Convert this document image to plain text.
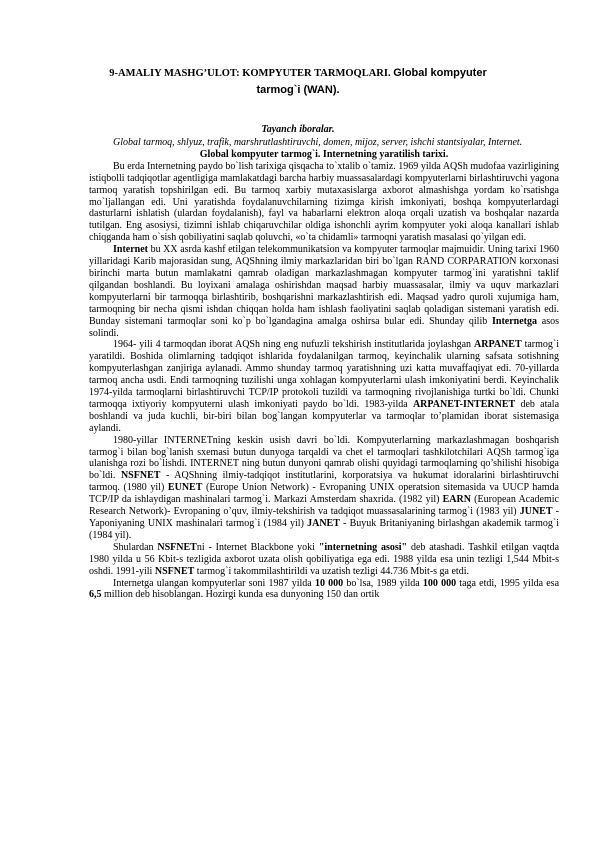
9-AMALIY MASHG’ULOT: KOMPYUTER TARMOQLARI. Global kompyuter
tarmog`i (WAN).
Tayanch iboralar.

Global tarmoq, shlyuz, trafik, marshrutlashtiruvchi, domen, mijoz, server, ishchi stantsiyalar, Internet.

Global kompyuter tarmog`i. Internetning yaratilish tarixi.

Bu erda Internetning paydo bo`lish tarixiga qisqacha to`xtalib o`tamiz. 1969 yilda AQSh mudofaa vazirligining istiqbolli tadqiqotlar agentligiga mamlakatdagi barcha harbiy muassasalardagi kompyuterlarni birlashtiruvchi yagona tarmoq yaratish topshirilgan edi. Bu tarmoq xarbiy mutaxasislarga axborot almashishga yordam ko`rsatishga mo`ljallangan edi. Uni yaratishda foydalanuvchilarning tizimga kirish imkoniyati, boshqa kompyuterlardagi dasturlarni ishlatish (ulardan foydalanish), fayl va habarlarni elektron aloqa orqali uzatish va boshqalar nazarda tutilgan. Eng asosiysi, tizimni ishlab chiqaruvchilar oldiga ishonchli ayrim kompyuter yoki aloqa kanallari ishlab chiqganda ham o`sish qobiliyatini saqlab qoluvchi, «o`ta chidamli» tarmoqni yaratish masalasi qo`yilgan edi.

Internet bu XX asrda kashf etilgan telekommunikatsion va kompyuter tarmoqlar majmuidir. Uning tarixi 1960 yillaridagi Karib majorasidan sung, AQShning ilmiy markazlaridan biri bo`lgan RAND CORPARATION korxonasi birinchi marta butun mamlakatni qamrab oladigan markazlashmagan kompyuter tarmog`ini yaratishni taklif qilgandan boshlandi. Bu loyixani amalaga oshirishdan maqsad harbiy muassasalar, ilmiy va uquv markazlari kompyuterlarni bir tarmoqqa birlashtirib, boshqarishni markazlashtirish edi. Maqsad yadro quroli xujumiga ham, tarmoqning bir necha qismi ishdan chiqqan holda ham ishlash faoliyatini saqlab qoladigan sistemani yaratish edi. Bunday sistemani tarmoqlar soni ko`p bo`lgandagina amalga oshirsa bular edi. Shunday qilib Internetga asos solindi.

1964- yili 4 tarmoqdan iborat AQSh ning eng nufuzli tekshirish institutlarida joylashgan ARPANET tarmog`i yaratildi. Boshida olimlarning tadqiqot ishlarida foydalanilgan tarmoq, keyinchalik ularning safsata sotishning kompyuterlashgan zanjiriga aylanadi. Ammo shunday tarmoq yaratishning uzi katta muvaffaqiyat edi. 70-yillarda tarmoq ancha usdi. Endi tarmoqning tuzilishi unga xohlagan kompyuterlarni ulash imkoniyatini berdi. Keyinchalik 1974-yilda tarmoqlarni birlashtiruvchi TCP/IP protokoli tuzildi va tarmoqning rivojlanishiga turtki bo`ldi. Chunki tarmoqqa ixtiyoriy kompyuterni ulash imkoniyati paydo bo`ldi. 1983-yilda ARPANET-INTERNET deb atala boshlandi va juda kuchli, bir-biri bilan bog`langan kompyuterlar va tarmoqlar to’plamidan iborat sistemasiga aylandi.

1980-yillar INTERNETning keskin usish davri bo`ldi. Kompyuterlarning markazlashmagan boshqarish tarmog`i bilan bog`lanish sxemasi butun dunyoga tarqaldi va chet el tarmoqlari tashkilotchilari AQSh tarmog`iga ulanishga rozi bo`lishdi. INTERNET ning butun dunyoni qamrab olishi quyidagi tarmoqlarning qo’shilishi hisobiga bo`ldi. NSFNET - AQShning ilmiy-tadqiqot institutlarini, korporatsiya va hukumat idoralarini birlashtiruvchi tarmoq. (1980 yil) EUNET (Europe Union Network) - Evropaning UNIX operatsion sitemasida va UUCP hamda TCP/IP da ishlaydigan mashinalari tarmog`i. Markazi Amsterdam shaxrida. (1982 yil) EARN (European Academic Research Network)- Evropaning o’quv, ilmiy-tekshirish va tadqiqot muassasalarining tarmog`i (1983 yil) JUNET - Yaponiyaning UNIX mashinalari tarmog`i (1984 yil) JANET - Buyuk Britaniyaning birlashgan akademik tarmog`i (1984 yil).

Shulardan NSFNETni - Internet Blackbone yoki "internetning asosi" deb atashadi. Tashkil etilgan vaqtda 1980 yilda u 56 Kbit-s tezligida axborot uzata olish qobiliyatiga ega edi. 1988 yilda esa unin tezligi 1,544 Mbit-s oshdi. 1991-yili NSFNET tarmog`i takommilashtirildi va uzatish tezligi 44.736 Mbit-s ga etdi.

Internetga ulangan kompyuterlar soni 1987 yilda 10 000 bo`lsa, 1989 yilda 100 000 taga etdi, 1995 yilda esa 6,5 million deb hisoblangan. Hozirgi kunda esa dunyoning 150 dan ortik
